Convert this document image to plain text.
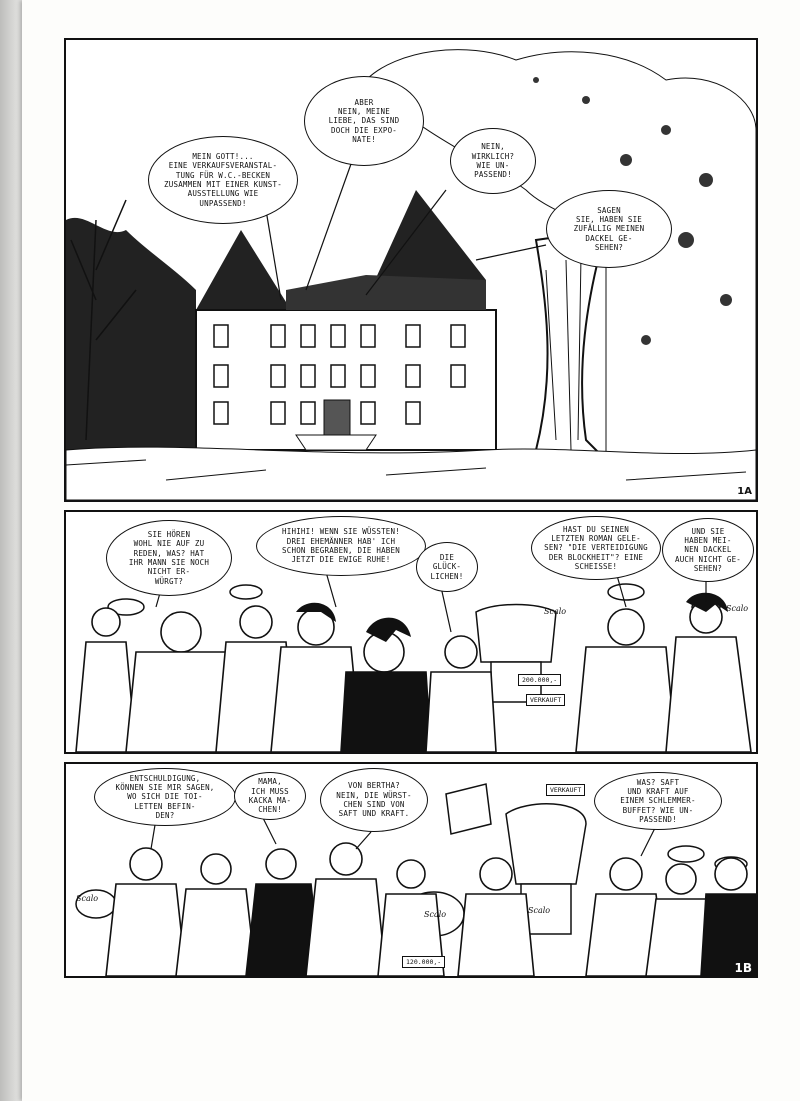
MEIN GOTT!...
EINE VERKAUFSVERANSTAL-
TUNG FÜR W.C.-BECKEN
ZUSAMMEN MIT EINER KUNST-
AUSSTELLUNG WIE
UNPASSEND!
ABER
NEIN, MEINE
LIEBE, DAS SIND
DOCH DIE EXPO-
NATE!
NEIN,
WIRKLICH?
WIE UN-
PASSEND!
SAGEN
SIE, HABEN SIE
ZUFÄLLIG MEINEN
DACKEL GE-
SEHEN?
1A
SIE HÖREN
WOHL NIE AUF ZU
REDEN, WAS? HAT
IHR MANN SIE NOCH
NICHT ER-
WÜRGT?
HIHIHI! WENN SIE WÜSSTEN!
DREI EHEMÄNNER HAB' ICH
SCHON BEGRABEN, DIE HABEN
JETZT DIE EWIGE RUHE!	DIE
GLÜCK-
LICHEN!
HAST DU SEINEN
LETZTEN ROMAN GELE-
SEN? "DIE VERTEIDIGUNG
DER BLOCKHEIT"? EINE
SCHEISSE!
UND SIE
HABEN MEI-
NEN DACKEL
AUCH NICHT GE-
SEHEN?
200.000,-
VERKAUFT
Scalo	Scalo
ENTSCHULDIGUNG,
KÖNNEN SIE MIR SAGEN,
WO SICH DIE TOI-
LETTEN BEFIN-
DEN?
MAMA,
ICH MUSS
KACKA MA-
CHEN!
VON BERTHA?
NEIN, DIE WÜRST-
CHEN SIND VON
SAFT UND KRAFT.
WAS? SAFT
UND KRAFT AUF
EINEM SCHLEMMER-
BUFFET? WIE UN-
PASSEND!
120.000,-
VERKAUFT
Scalo
Scalo	Scalo
1B
